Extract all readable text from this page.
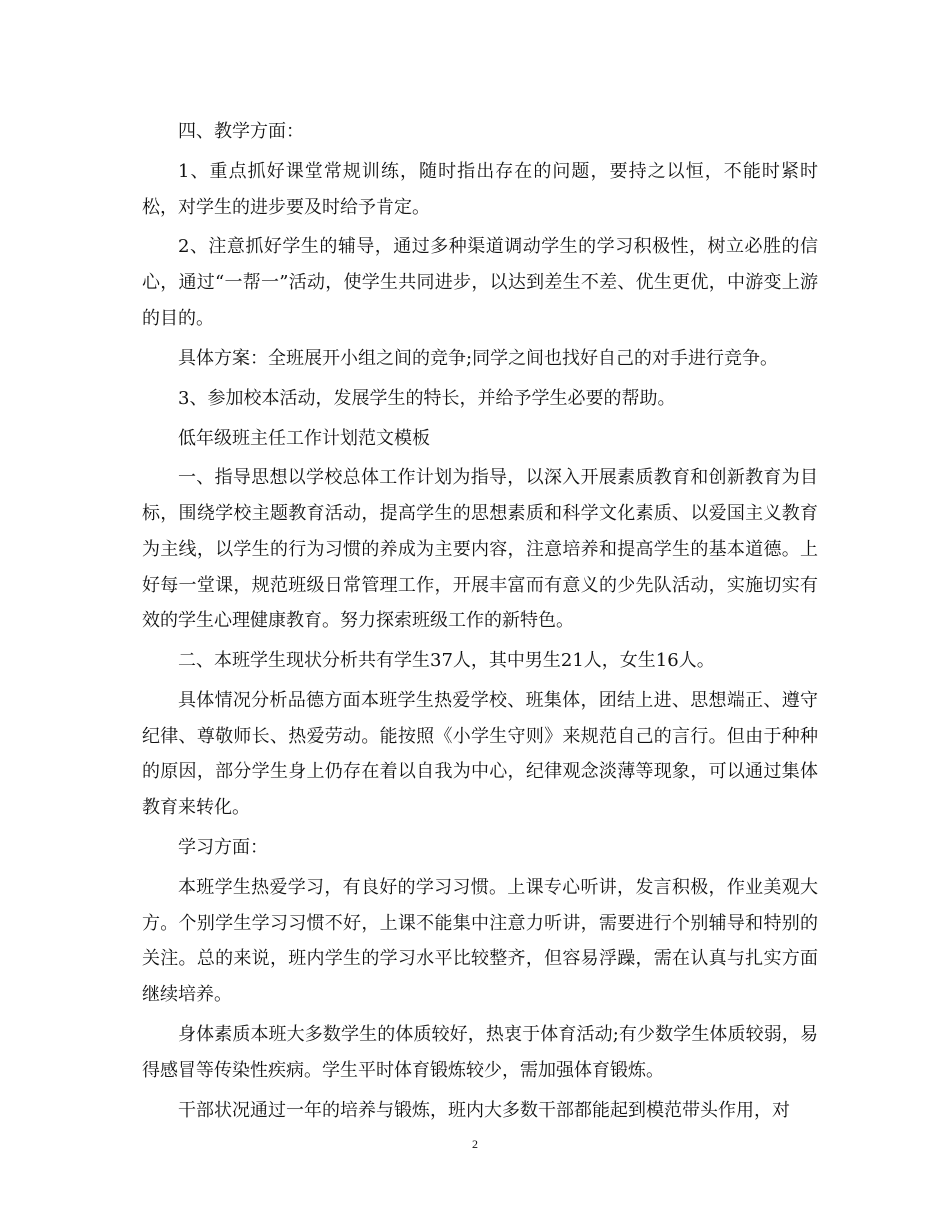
四、教学方面：

1、重点抓好课堂常规训练，随时指出存在的问题，要持之以恒，不能时紧时松，对学生的进步要及时给予肯定。

2、注意抓好学生的辅导，通过多种渠道调动学生的学习积极性，树立必胜的信心，通过“一帮一”活动，使学生共同进步，以达到差生不差、优生更优，中游变上游的目的。

具体方案：全班展开小组之间的竞争;同学之间也找好自己的对手进行竞争。

3、参加校本活动，发展学生的特长，并给予学生必要的帮助。

低年级班主任工作计划范文模板

一、指导思想以学校总体工作计划为指导，以深入开展素质教育和创新教育为目标，围绕学校主题教育活动，提高学生的思想素质和科学文化素质、以爱国主义教育为主线，以学生的行为习惯的养成为主要内容，注意培养和提高学生的基本道德。上好每一堂课，规范班级日常管理工作，开展丰富而有意义的少先队活动，实施切实有效的学生心理健康教育。努力探索班级工作的新特色。

二、本班学生现状分析共有学生37人，其中男生21人，女生16人。

具体情况分析品德方面本班学生热爱学校、班集体，团结上进、思想端正、遵守纪律、尊敬师长、热爱劳动。能按照《小学生守则》来规范自己的言行。但由于种种的原因，部分学生身上仍存在着以自我为中心，纪律观念淡薄等现象，可以通过集体教育来转化。

学习方面：

本班学生热爱学习，有良好的学习习惯。上课专心听讲，发言积极，作业美观大方。个别学生学习习惯不好，上课不能集中注意力听讲，需要进行个别辅导和特别的关注。总的来说，班内学生的学习水平比较整齐，但容易浮躁，需在认真与扎实方面继续培养。

身体素质本班大多数学生的体质较好，热衷于体育活动;有少数学生体质较弱，易得感冒等传染性疾病。学生平时体育锻炼较少，需加强体育锻炼。

干部状况通过一年的培养与锻炼，班内大多数干部都能起到模范带头作用，对

2
